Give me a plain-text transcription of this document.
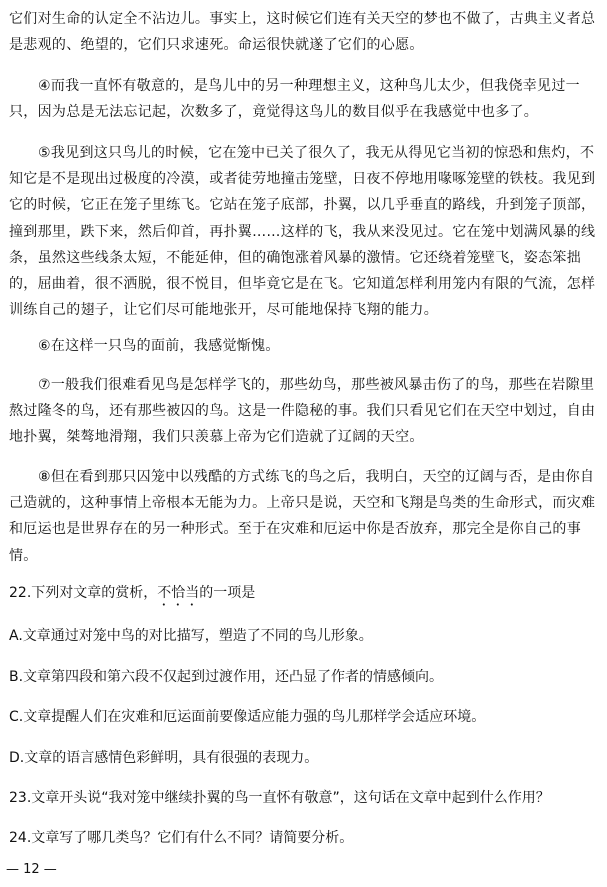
它们对生命的认定全不沾边儿。事实上，这时候它们连有关天空的梦也不做了，古典主义者总是悲观的、绝望的，它们只求速死。命运很快就遂了它们的心愿。

④而我一直怀有敬意的，是鸟儿中的另一种理想主义，这种鸟儿太少，但我侥幸见过一只，因为总是无法忘记起，次数多了，竟觉得这鸟儿的数目似乎在我感觉中也多了。

⑤我见到这只鸟儿的时候，它在笼中已关了很久了，我无从得见它当初的惊恐和焦灼，不知它是不是现出过极度的冷漠，或者徒劳地撞击笼壁，日夜不停地用喙啄笼壁的铁枝。我见到它的时候，它正在笼子里练飞。它站在笼子底部，扑翼，以几乎垂直的路线，升到笼子顶部，撞到那里，跌下来，然后仰首，再扑翼……这样的飞，我从来没见过。它在笼中划满风暴的线条，虽然这些线条太短，不能延伸，但的确饱涨着风暴的激情。它还绕着笼壁飞，姿态笨拙的，屈曲着，很不洒脱，很不悦目，但毕竟它是在飞。它知道怎样利用笼内有限的气流，怎样训练自己的翅子，让它们尽可能地张开，尽可能地保持飞翔的能力。

⑥在这样一只鸟的面前，我感觉惭愧。

⑦一般我们很难看见鸟是怎样学飞的，那些幼鸟，那些被风暴击伤了的鸟，那些在岩隙里熬过隆冬的鸟，还有那些被囚的鸟。这是一件隐秘的事。我们只看见它们在天空中划过，自由地扑翼，桀骜地滑翔，我们只羡慕上帝为它们造就了辽阔的天空。

⑧但在看到那只囚笼中以残酷的方式练飞的鸟之后，我明白，天空的辽阔与否，是由你自己造就的，这种事情上帝根本无能为力。上帝只是说，天空和飞翔是鸟类的生命形式，而灾难和厄运也是世界存在的另一种形式。至于在灾难和厄运中你是否放弃，那完全是你自己的事情。

22.下列对文章的赏析，不恰当的一项是

A.文章通过对笼中鸟的对比描写，塑造了不同的鸟儿形象。

B.文章第四段和第六段不仅起到过渡作用，还凸显了作者的情感倾向。

C.文章提醒人们在灾难和厄运面前要像适应能力强的鸟儿那样学会适应环境。

D.文章的语言感情色彩鲜明，具有很强的表现力。

23.文章开头说“我对笼中继续扑翼的鸟一直怀有敬意”，这句话在文章中起到什么作用？

24.文章写了哪几类鸟？它们有什么不同？请简要分析。

— 12 —
